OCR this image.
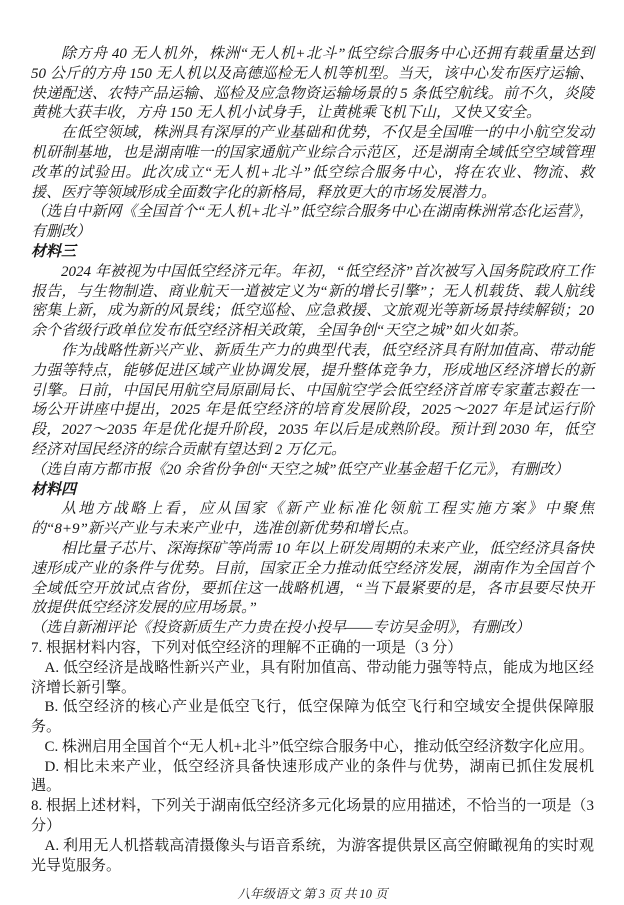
除方舟 40 无人机外，株洲“无人机+北斗”低空综合服务中心还拥有载重量达到 50 公斤的方舟 150 无人机以及高德巡检无人机等机型。当天，该中心发布医疗运输、快递配送、农特产品运输、巡检及应急物资运输场景的 5 条低空航线。前不久，炎陵黄桃大获丰收，方舟 150 无人机小试身手，让黄桃乘飞机下山，又快又安全。

在低空领域，株洲具有深厚的产业基础和优势，不仅是全国唯一的中小航空发动机研制基地，也是湖南唯一的国家通航产业综合示范区，还是湖南全域低空空域管理改革的试验田。此次成立“无人机+北斗”低空综合服务中心，将在农业、物流、救援、医疗等领域形成全面数字化的新格局，释放更大的市场发展潜力。

（选自中新网《全国首个“无人机+北斗”低空综合服务中心在湖南株洲常态化运营》，有删改）

材料三

2024 年被视为中国低空经济元年。年初，“低空经济”首次被写入国务院政府工作报告，与生物制造、商业航天一道被定义为“新的增长引擎”；无人机载货、载人航线密集上新，成为新的风景线；低空巡检、应急救援、文旅观光等新场景持续解锁；20 余个省级行政单位发布低空经济相关政策，全国争创“天空之城”如火如荼。

作为战略性新兴产业、新质生产力的典型代表，低空经济具有附加值高、带动能力强等特点，能够促进区域产业协调发展，提升整体竞争力，形成地区经济增长的新引擎。日前，中国民用航空局原副局长、中国航空学会低空经济首席专家董志毅在一场公开讲座中提出，2025 年是低空经济的培育发展阶段，2025～2027 年是试运行阶段，2027～2035 年是优化提升阶段，2035 年以后是成熟阶段。预计到 2030 年，低空经济对国民经济的综合贡献有望达到 2 万亿元。

（选自南方都市报《20 余省份争创“天空之城”低空产业基金超千亿元》，有删改）

材料四

从地方战略上看，应从国家《新产业标准化领航工程实施方案》中聚焦的“8+9”新兴产业与未来产业中，选准创新优势和增长点。

相比量子芯片、深海探矿等尚需 10 年以上研发周期的未来产业，低空经济具备快速形成产业的条件与优势。目前，国家正全力推动低空经济发展，湖南作为全国首个全域低空开放试点省份，要抓住这一战略机遇，“当下最紧要的是，各市县要尽快开放提供低空经济发展的应用场景。”

（选自新湘评论《投资新质生产力贵在投小投早——专访吴金明》，有删改）

7. 根据材料内容，下列对低空经济的理解不正确的一项是（3 分）

A. 低空经济是战略性新兴产业，具有附加值高、带动能力强等特点，能成为地区经济增长新引擎。

B. 低空经济的核心产业是低空飞行，低空保障为低空飞行和空域安全提供保障服务。

C. 株洲启用全国首个“无人机+北斗”低空综合服务中心，推动低空经济数字化应用。

D. 相比未来产业，低空经济具备快速形成产业的条件与优势，湖南已抓住发展机遇。

8. 根据上述材料，下列关于湖南低空经济多元化场景的应用描述，不恰当的一项是（3 分）

A. 利用无人机搭载高清摄像头与语音系统，为游客提供景区高空俯瞰视角的实时观光导览服务。

八年级语文 第 3 页 共 10 页
